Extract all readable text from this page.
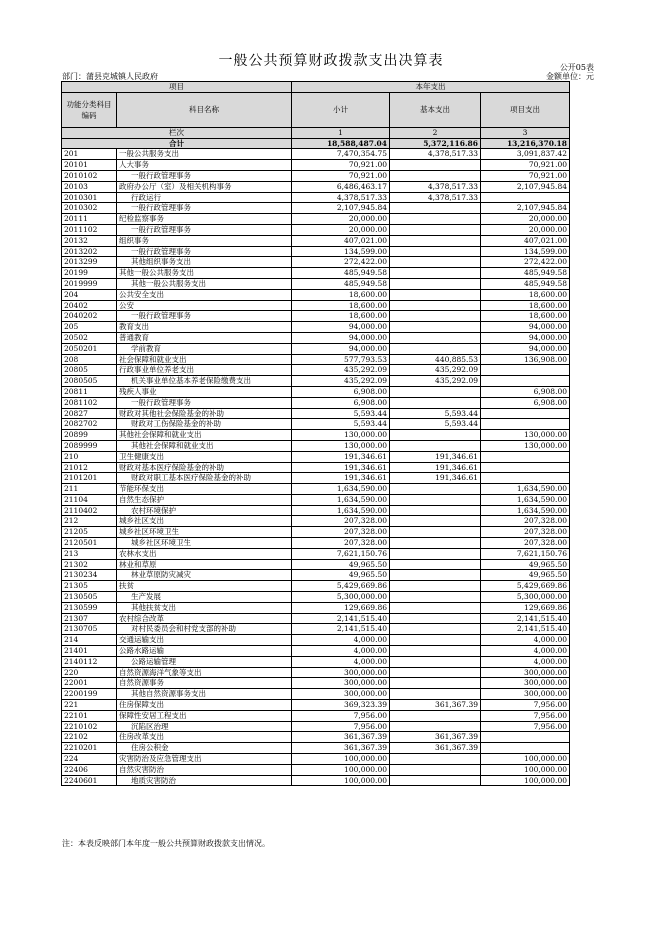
一般公共预算财政拨款支出决算表	公开05表
部门：蒲县克城镇人民政府	金额单位：元
项目		本年支出		
功能分类科目编码	科目名称	小计	基本支出	项目支出
栏次		1	2	3
合计		18,588,487.04	5,372,116.86	13,216,370.18
201	一般公共服务支出	7,470,354.75	4,378,517.33	3,091,837.42
20101	人大事务	70,921.00		70,921.00
2010102	一般行政管理事务	70,921.00		70,921.00
20103	政府办公厅（室）及相关机构事务	6,486,463.17	4,378,517.33	2,107,945.84
2010301	行政运行	4,378,517.33	4,378,517.33	
2010302	一般行政管理事务	2,107,945.84		2,107,945.84
20111	纪检监察事务	20,000.00		20,000.00
2011102	一般行政管理事务	20,000.00		20,000.00
20132	组织事务	407,021.00		407,021.00
2013202	一般行政管理事务	134,599.00		134,599.00
2013299	其他组织事务支出	272,422.00		272,422.00
20199	其他一般公共服务支出	485,949.58		485,949.58
2019999	其他一般公共服务支出	485,949.58		485,949.58
204	公共安全支出	18,600.00		18,600.00
20402	公安	18,600.00		18,600.00
2040202	一般行政管理事务	18,600.00		18,600.00
205	教育支出	94,000.00		94,000.00
20502	普通教育	94,000.00		94,000.00
2050201	学前教育	94,000.00		94,000.00
208	社会保障和就业支出	577,793.53	440,885.53	136,908.00
20805	行政事业单位养老支出	435,292.09	435,292.09	
2080505	机关事业单位基本养老保险缴费支出	435,292.09	435,292.09	
20811	残疾人事业	6,908.00		6,908.00
2081102	一般行政管理事务	6,908.00		6,908.00
20827	财政对其他社会保险基金的补助	5,593.44	5,593.44	
2082702	财政对工伤保险基金的补助	5,593.44	5,593.44	
20899	其他社会保障和就业支出	130,000.00		130,000.00
2089999	其他社会保障和就业支出	130,000.00		130,000.00
210	卫生健康支出	191,346.61	191,346.61	
21012	财政对基本医疗保险基金的补助	191,346.61	191,346.61	
2101201	财政对职工基本医疗保险基金的补助	191,346.61	191,346.61	
211	节能环保支出	1,634,590.00		1,634,590.00
21104	自然生态保护	1,634,590.00		1,634,590.00
2110402	农村环境保护	1,634,590.00		1,634,590.00
212	城乡社区支出	207,328.00		207,328.00
21205	城乡社区环境卫生	207,328.00		207,328.00
2120501	城乡社区环境卫生	207,328.00		207,328.00
213	农林水支出	7,621,150.76		7,621,150.76
21302	林业和草原	49,965.50		49,965.50
2130234	林业草原防灾减灾	49,965.50		49,965.50
21305	扶贫	5,429,669.86		5,429,669.86
2130505	生产发展	5,300,000.00		5,300,000.00
2130599	其他扶贫支出	129,669.86		129,669.86
21307	农村综合改革	2,141,515.40		2,141,515.40
2130705	对村民委员会和村党支部的补助	2,141,515.40		2,141,515.40
214	交通运输支出	4,000.00		4,000.00
21401	公路水路运输	4,000.00		4,000.00
2140112	公路运输管理	4,000.00		4,000.00
220	自然资源海洋气象等支出	300,000.00		300,000.00
22001	自然资源事务	300,000.00		300,000.00
2200199	其他自然资源事务支出	300,000.00		300,000.00
221	住房保障支出	369,323.39	361,367.39	7,956.00
22101	保障性安居工程支出	7,956.00		7,956.00
2210102	沉陷区治理	7,956.00		7,956.00
22102	住房改革支出	361,367.39	361,367.39	
2210201	住房公积金	361,367.39	361,367.39	
224	灾害防治及应急管理支出	100,000.00		100,000.00
22406	自然灾害防治	100,000.00		100,000.00
2240601	地质灾害防治	100,000.00		100,000.00
注：本表反映部门本年度一般公共预算财政拨款支出情况。
